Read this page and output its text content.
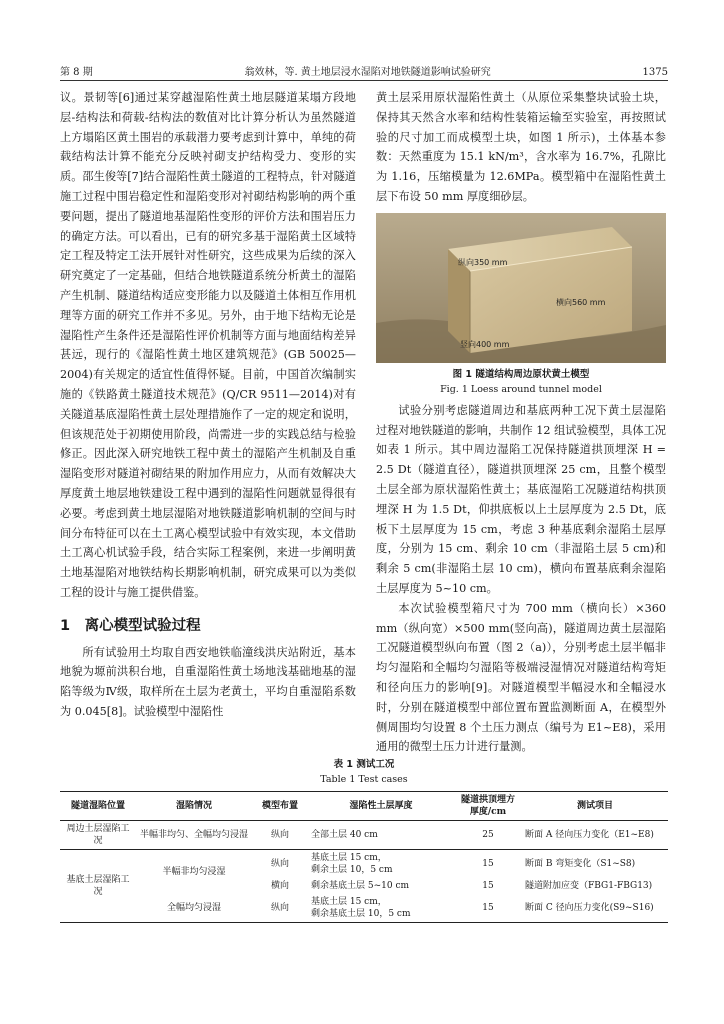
第 8 期	翁效林，等. 黄土地层浸水湿陷对地铁隧道影响试验研究	1375

议。景韧等[6]通过某穿越湿陷性黄土地层隧道某塌方段地层-结构法和荷载-结构法的数值对比计算分析认为虽然隧道上方塌陷区黄土围岩的承载潜力要考虑到计算中，单纯的荷载结构法计算不能充分反映衬砌支护结构受力、变形的实质。邵生俊等[7]结合湿陷性黄土隧道的工程特点，针对隧道施工过程中围岩稳定性和湿陷变形对衬砌结构影响的两个重要问题，提出了隧道地基湿陷性变形的评价方法和围岩压力的确定方法。可以看出，已有的研究多基于湿陷黄土区域特定工程及特定工法开展针对性研究，这些成果为后续的深入研究奠定了一定基础，但结合地铁隧道系统分析黄土的湿陷产生机制、隧道结构适应变形能力以及隧道土体相互作用机理等方面的研究工作并不多见。另外，由于地下结构无论是湿陷性产生条件还是湿陷性评价机制等方面与地面结构差异甚远，现行的《湿陷性黄土地区建筑规范》(GB 50025—2004)有关规定的适宜性值得怀疑。目前，中国首次编制实施的《铁路黄土隧道技术规范》(Q/CR 9511—2014)对有关隧道基底湿陷性黄土层处理措施作了一定的规定和说明，但该规范处于初期使用阶段，尚需进一步的实践总结与检验修正。因此深入研究地铁工程中黄土的湿陷产生机制及自重湿陷变形对隧道衬砌结果的附加作用应力，从而有效解决大厚度黄土地层地铁建设工程中遇到的湿陷性问题就显得很有必要。考虑到黄土地层湿陷对地铁隧道影响机制的空间与时间分布特征可以在土工离心模型试验中有效实现，本文借助土工离心机试验手段，结合实际工程案例，来进一步阐明黄土地基湿陷对地铁结构长期影响机制，研究成果可以为类似工程的设计与施工提供借鉴。

1　离心模型试验过程

所有试验用土均取自西安地铁临潼线洪庆站附近，基本地貌为塬前洪积台地，自重湿陷性黄土场地浅基础地基的湿陷等级为Ⅳ级，取样所在土层为老黄土，平均自重湿陷系数为 0.045[8]。试验模型中湿陷性

黄土层采用原状湿陷性黄土（从原位采集整块试验土块，保持其天然含水率和结构性装箱运输至实验室，再按照试验的尺寸加工而成模型土块，如图 1 所示)，土体基本参数：天然重度为 15.1 kN/m³，含水率为 16.7%，孔隙比为 1.16，压缩模量为 12.6MPa。模型箱中在湿陷性黄土层下布设 50 mm 厚度细砂层。

纵向350 mm
横向560 mm
竖向400 mm
图 1 隧道结构周边原状黄土模型
Fig. 1 Loess around tunnel model

试验分别考虑隧道周边和基底两种工况下黄土层湿陷过程对地铁隧道的影响，共制作 12 组试验模型，具体工况如表 1 所示。其中周边湿陷工况保持隧道拱顶埋深 H = 2.5 Dt（隧道直径），隧道拱顶埋深 25 cm，且整个模型土层全部为原状湿陷性黄土；基底湿陷工况隧道结构拱顶埋深 H 为 1.5 Dt，仰拱底板以上土层厚度为 2.5 Dt，底板下土层厚度为 15 cm，考虑 3 种基底剩余湿陷土层厚度，分别为 15 cm、剩余 10 cm（非湿陷土层 5 cm)和剩余 5 cm(非湿陷土层 10 cm)，横向布置基底剩余湿陷土层厚度为 5~10 cm。

本次试验模型箱尺寸为 700 mm（横向长）×360 mm（纵向宽）×500 mm(竖向高)，隧道周边黄土层湿陷工况隧道模型纵向布置（图 2（a)），分别考虑土层半幅非均匀湿陷和全幅均匀湿陷等极端浸湿情况对隧道结构弯矩和径向压力的影响[9]。对隧道模型半幅浸水和全幅浸水时，分别在隧道模型中部位置布置监测断面 A，在模型外侧周围均匀设置 8 个土压力测点（编号为 E1~E8)，采用通用的微型土压力计进行量测。

表 1 测试工况
Table 1 Test cases
隧道湿陷位置	湿陷情况	模型布置	湿陷性土层厚度	隧道拱顶埋方厚度/cm	测试项目
周边土层湿陷工况	半幅非均匀、全幅均匀浸湿	纵向	全部土层 40 cm	25	断面 A 径向压力变化（E1~E8)
基底土层湿陷工况	半幅非均匀浸湿	纵向	基底土层 15 cm，
剩余土层 10，5 cm	15	断面 B 弯矩变化（S1~S8)
		横向	剩余基底土层 5~10 cm	15	隧道附加应变（FBG1-FBG13)
	全幅均匀浸湿	纵向	基底土层 15 cm，
剩余基底土层 10，5 cm	15	断面 C 径向压力变化(S9~S16)
